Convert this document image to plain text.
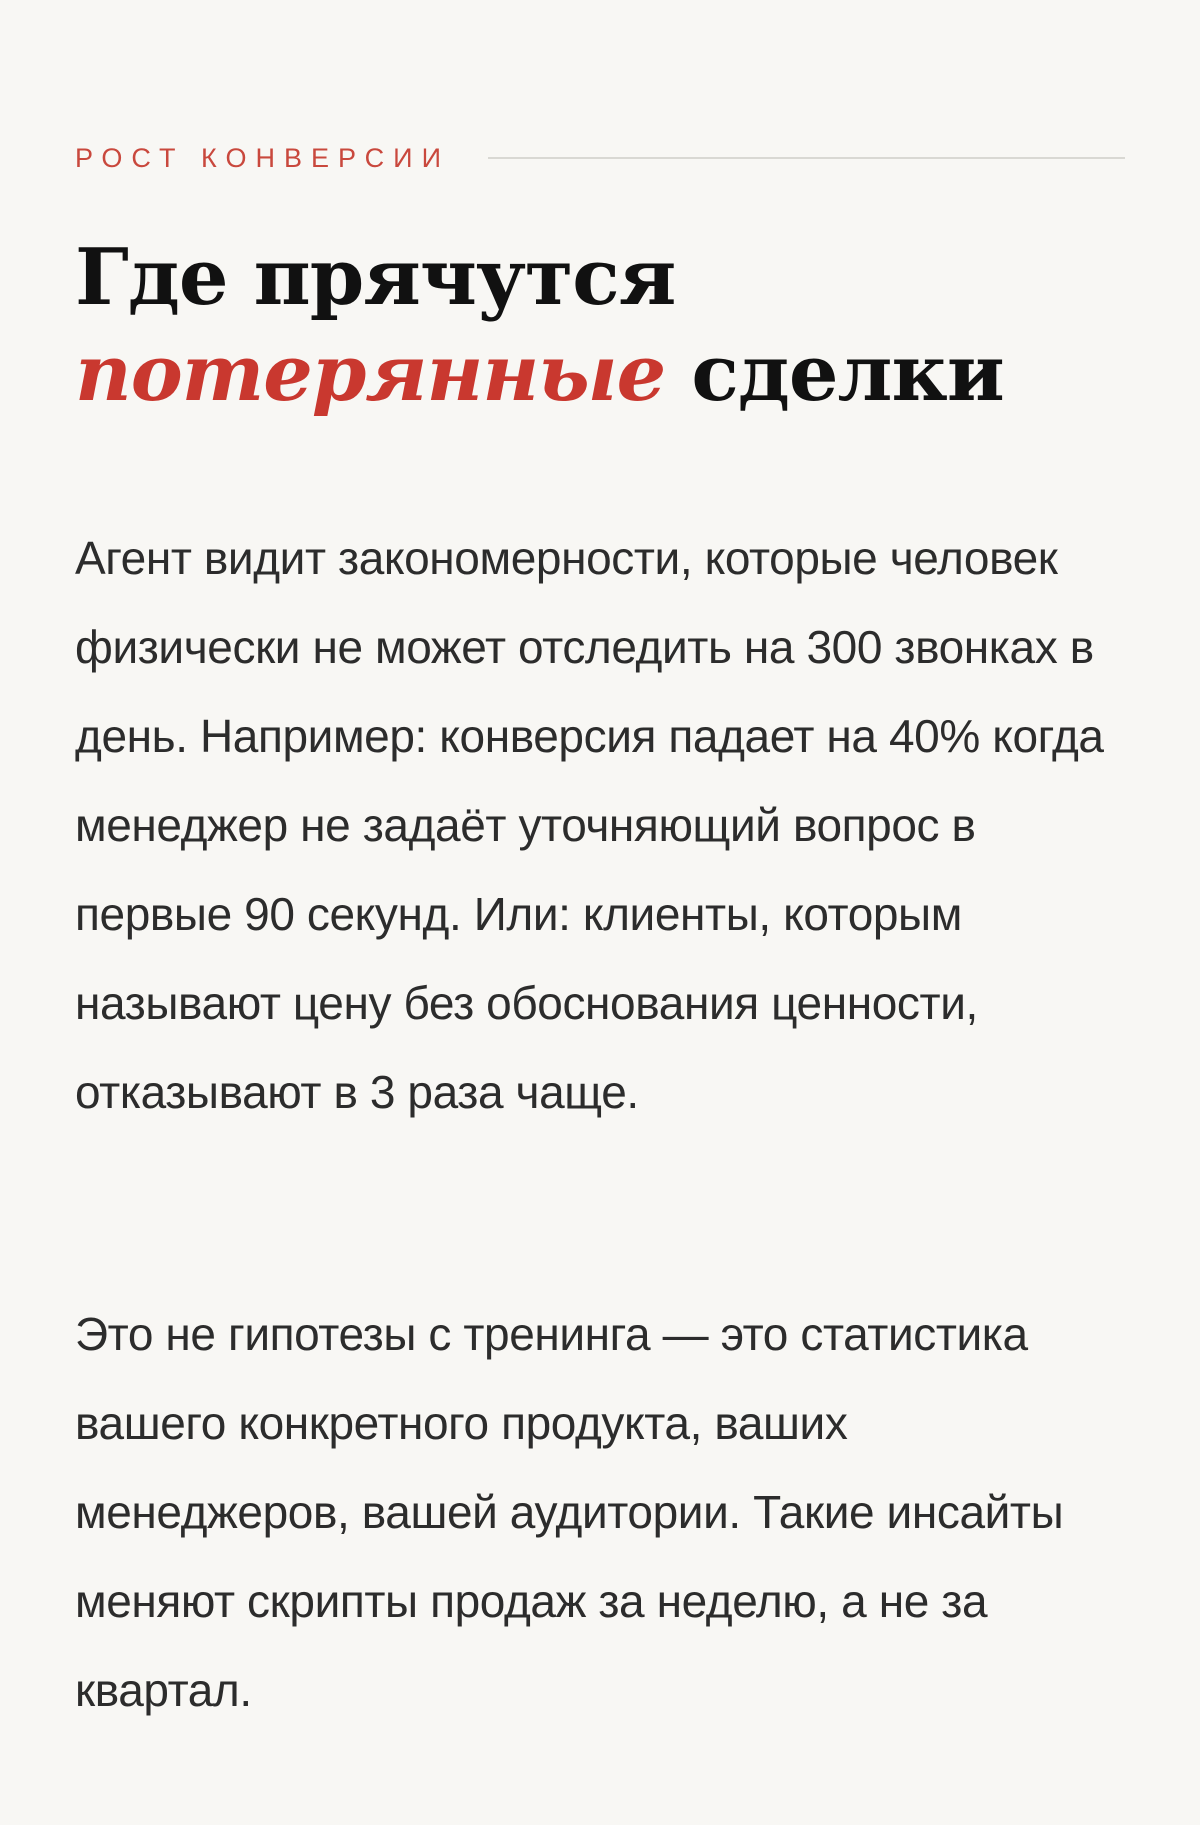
РОСТ КОНВЕРСИИ
Где прячутся
потерянные сделки

Агент видит закономерности, которые человек физически не может отследить на 300 звонках в день. Например: конверсия падает на 40% когда менеджер не задаёт уточняющий вопрос в первые 90 секунд. Или: клиенты, которым называют цену без обоснования ценности, отказывают в 3 раза чаще.

Это не гипотезы с тренинга — это статистика вашего конкретного продукта, ваших менеджеров, вашей аудитории. Такие инсайты меняют скрипты продаж за неделю, а не за квартал.
